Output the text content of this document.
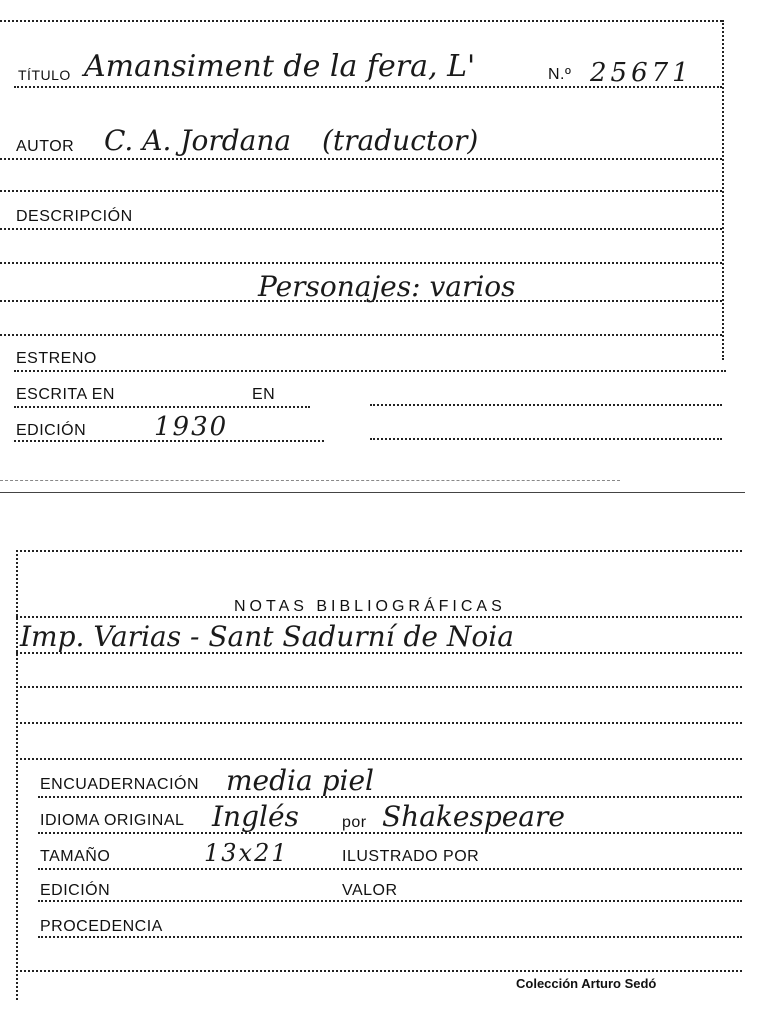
TÍTULO Amansiment de la fera, L'	N.º 25671
AUTOR C. A. Jordana (traductor)
DESCRIPCIÓN
Personajes: varios
ESTRENO
ESCRITA EN	EN
EDICIÓN	1930
NOTAS BIBLIOGRÁFICAS
Imp. Varias - Sant Sadurní de Noia
ENCUADERNACIÓN media piel
IDIOMA ORIGINAL Inglés	por Shakespeare
TAMAÑO	13x21	ILUSTRADO POR
EDICIÓN	VALOR
PROCEDENCIA
Colección Arturo Sedó
